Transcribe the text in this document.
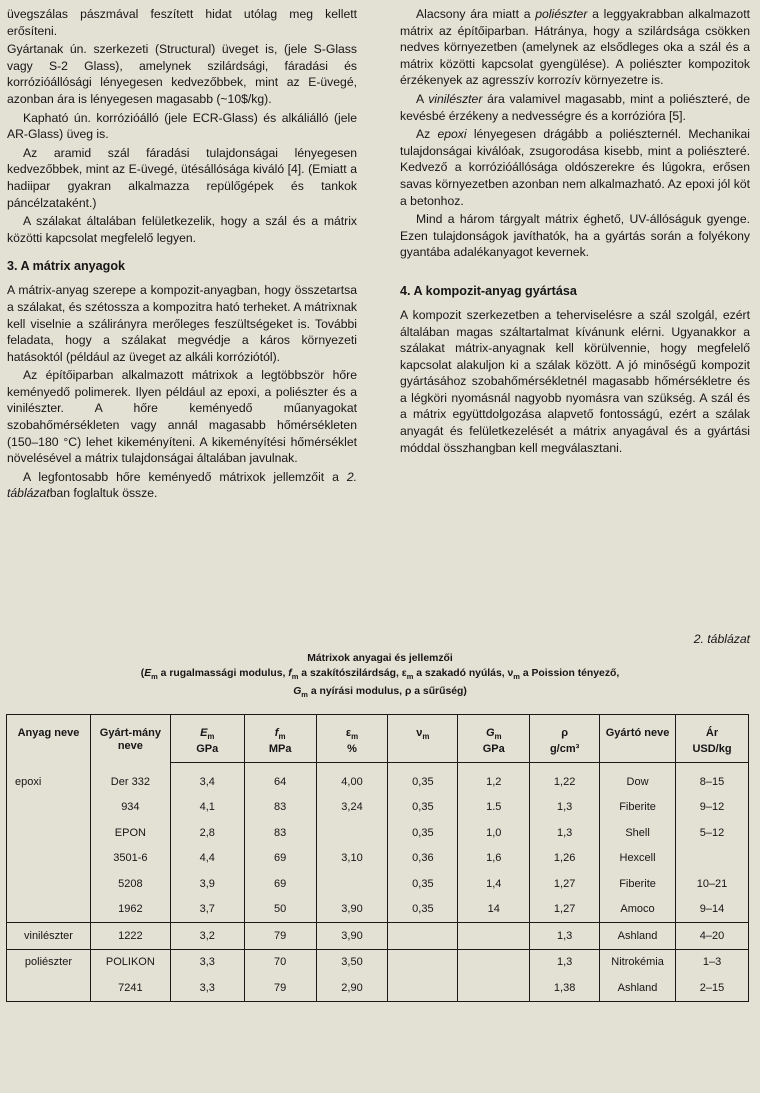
üvegszálas pászmával feszített hidat utólag meg kellett erősíteni.

Gyártanak ún. szerkezeti (Structural) üveget is, (jele S-Glass vagy S-2 Glass), amelynek szilárdsági, fáradási és korrózióállósági lényegesen kedvezőbbek, mint az E-üvegé, azonban ára is lényegesen magasabb (~10$/kg).

Kapható ún. korrózióálló (jele ECR-Glass) és alkáliálló (jele AR-Glass) üveg is.

Az aramid szál fáradási tulajdonságai lényegesen kedvezőbbek, mint az E-üvegé, ütésállósága kiváló [4]. (Emiatt a hadiipar gyakran alkalmazza repülőgépek és tankok páncélzataként.)

A szálakat általában felületkezelik, hogy a szál és a mátrix közötti kapcsolat megfelelő legyen.

3. A mátrix anyagok

A mátrix-anyag szerepe a kompozit-anyagban, hogy összetartsa a szálakat, és szétossza a kompozitra ható terheket. A mátrixnak kell viselnie a szálirányra merőleges feszültségeket is. További feladata, hogy a szálakat megvédje a káros környezeti hatásoktól (például az üveget az alkáli korróziótól).

Az építőiparban alkalmazott mátrixok a legtöbbször hőre keményedő polimerek. Ilyen például az epoxi, a poliészter és a vinilészter. A hőre keményedő műanyagokat szobahőmérsékleten vagy annál magasabb hőmérsékleten (150–180 °C) lehet kikeményíteni. A kikeményítési hőmérséklet növelésével a mátrix tulajdonságai általában javulnak.

A legfontosabb hőre keményedő mátrixok jellemzőit a 2. táblázatban foglaltuk össze.

Alacsony ára miatt a poliészter a leggyakrabban alkalmazott mátrix az építőiparban. Hátránya, hogy a szilárdsága csökken nedves környezetben (amelynek az elsődleges oka a szál és a mátrix közötti kapcsolat gyengülése). A poliészter kompozitok érzékenyek az agresszív korrozív környezetre is.

A vinilészter ára valamivel magasabb, mint a poliészteré, de kevésbé érzékeny a nedvességre és a korrózióra [5].

Az epoxi lényegesen drágább a poliészternél. Mechanikai tulajdonságai kiválóak, zsugorodása kisebb, mint a poliészteré. Kedvező a korrózióállósága oldószerekre és lúgokra, erősen savas környezetben azonban nem alkalmazható. Az epoxi jól köt a betonhoz.

Mind a három tárgyalt mátrix éghető, UV-állóságuk gyenge. Ezen tulajdonságok javíthatók, ha a gyártás során a folyékony gyantába adalékanyagot kevernek.

4. A kompozit-anyag gyártása

A kompozit szerkezetben a teherviselésre a szál szolgál, ezért általában magas száltartalmat kívánunk elérni. Ugyanakkor a szálakat mátrix-anyagnak kell körülvennie, hogy megfelelő kapcsolat alakuljon ki a szálak között. A jó minőségű kompozit gyártásához szobahőmérsékletnél magasabb hőmérsékletre és a légköri nyomásnál nagyobb nyomásra van szükség. A szál és a mátrix együttdolgozása alapvető fontosságú, ezért a szálak anyagát és felületkezelését a mátrix anyagával és a gyártási móddal összhangban kell megválasztani.

2. táblázat
Mátrixok anyagai és jellemzői
($E_m$ a rugalmassági modulus, $f_m$ a szakítószilárdság, $\varepsilon_m$ a szakadó nyúlás, $\nu_m$ a Poission tényező,
$G_m$ a nyírási modulus, ρ a sűrűség)
Anyag neve	Gyárt-mány neve	$E_m$	$f_m$	$\varepsilon_m$	$\nu_m$	$G_m$	ρ	Gyártó neve	Ár
		GPa	MPa	%		GPa	g/cm³		USD/kg
epoxi	Der 332	3,4	64	4,00	0,35	1,2	1,22	Dow	8–15
	934	4,1	83	3,24	0,35	1.5	1,3	Fiberite	9–12
	EPON	2,8	83		0,35	1,0	1,3	Shell	5–12
	3501-6	4,4	69	3,10	0,36	1,6	1,26	Hexcell	
	5208	3,9	69		0,35	1,4	1,27	Fiberite	10–21
	1962	3,7	50	3,90	0,35	14	1,27	Amoco	9–14
vinilészter	1222	3,2	79	3,90			1,3	Ashland	4–20
poliészter	POLIKON	3,3	70	3,50			1,3	Nitrokémia	1–3
	7241	3,3	79	2,90			1,38	Ashland	2–15
